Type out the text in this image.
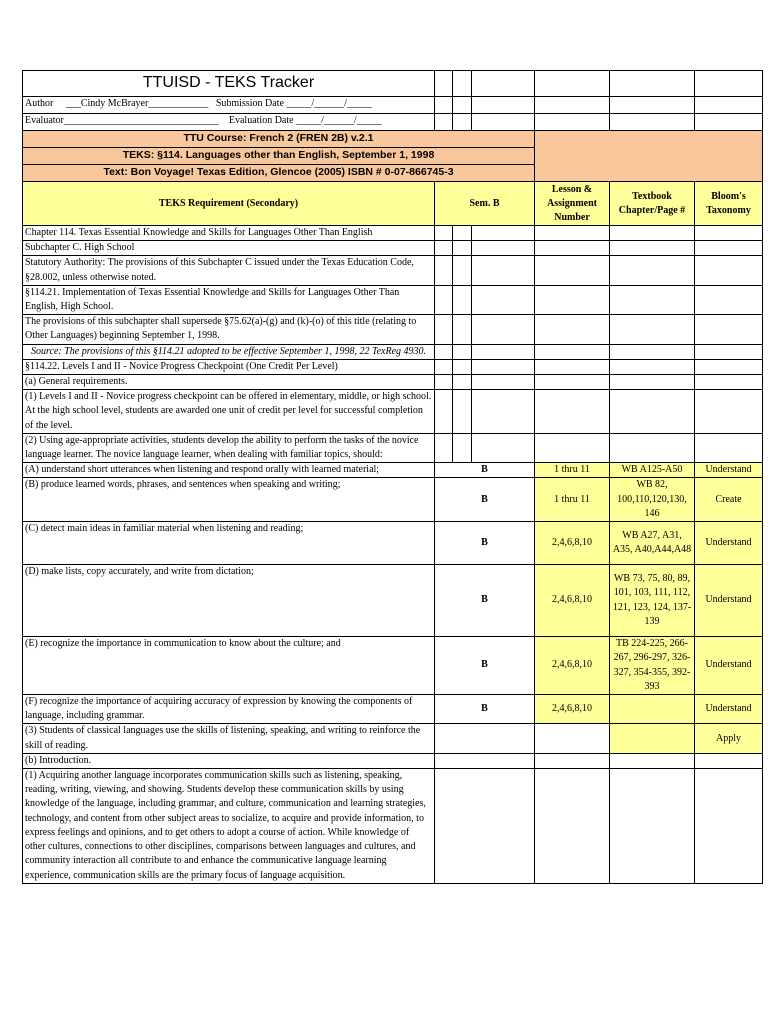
TTUISD - TEKS Tracker						
Author ___Cindy McBrayer____________ Submission Date _____/______/_____						
Evaluator_______________________________ Evaluation Date _____/______/_____						
TTU Course: French 2 (FREN 2B) v.2.1						
TEKS: §114. Languages other than English, September 1, 1998						
Text: Bon Voyage! Texas Edition, Glencoe (2005) ISBN # 0-07-866745-3						
TEKS Requirement (Secondary)	Sem. B			Lesson & Assignment Number	Textbook Chapter/Page #	Bloom's Taxonomy
Chapter 114. Texas Essential Knowledge and Skills for Languages Other Than English						
Subchapter C. High School						
Statutory Authority: The provisions of this Subchapter C issued under the Texas Education Code, §28.002, unless otherwise noted.						
§114.21. Implementation of Texas Essential Knowledge and Skills for Languages Other Than English, High School.						
The provisions of this subchapter shall supersede §75.62(a)-(g) and (k)-(o) of this title (relating to Other Languages) beginning September 1, 1998.						
Source: The provisions of this §114.21 adopted to be effective September 1, 1998, 22 TexReg 4930.						
§114.22. Levels I and II - Novice Progress Checkpoint (One Credit Per Level)						
(a) General requirements.						
(1) Levels I and II - Novice progress checkpoint can be offered in elementary, middle, or high school. At the high school level, students are awarded one unit of credit per level for successful completion of the level.						
(2) Using age-appropriate activities, students develop the ability to perform the tasks of the novice language learner. The novice language learner, when dealing with familiar topics, should:						
(A) understand short utterances when listening and respond orally with learned material;	B			1 thru 11	WB A125-A50	Understand
(B) produce learned words, phrases, and sentences when speaking and writing;	B			1 thru 11	WB 82, 100,110,120,130, 146	Create
(C) detect main ideas in familiar material when listening and reading;	B			2,4,6,8,10	WB A27, A31, A35, A40,A44,A48	Understand
(D) make lists, copy accurately, and write from dictation;	B			2,4,6,8,10	WB 73, 75, 80, 89, 101, 103, 111, 112, 121, 123, 124, 137-139	Understand
(E) recognize the importance in communication to know about the culture; and	B			2,4,6,8,10	TB 224-225, 266-267, 296-297, 326-327, 354-355, 392-393	Understand
(F) recognize the importance of acquiring accuracy of expression by knowing the components of language, including grammar.	B			2,4,6,8,10		Understand
(3) Students of classical languages use the skills of listening, speaking, and writing to reinforce the skill of reading.						Apply
(b) Introduction.						
(1) Acquiring another language incorporates communication skills such as listening, speaking, reading, writing, viewing, and showing. Students develop these communication skills by using knowledge of the language, including grammar, and culture, communication and learning strategies, technology, and content from other subject areas to socialize, to acquire and provide information, to express feelings and opinions, and to get others to adopt a course of action. While knowledge of other cultures, connections to other disciplines, comparisons between languages and cultures, and community interaction all contribute to and enhance the communicative language learning experience, communication skills are the primary focus of language acquisition.						
